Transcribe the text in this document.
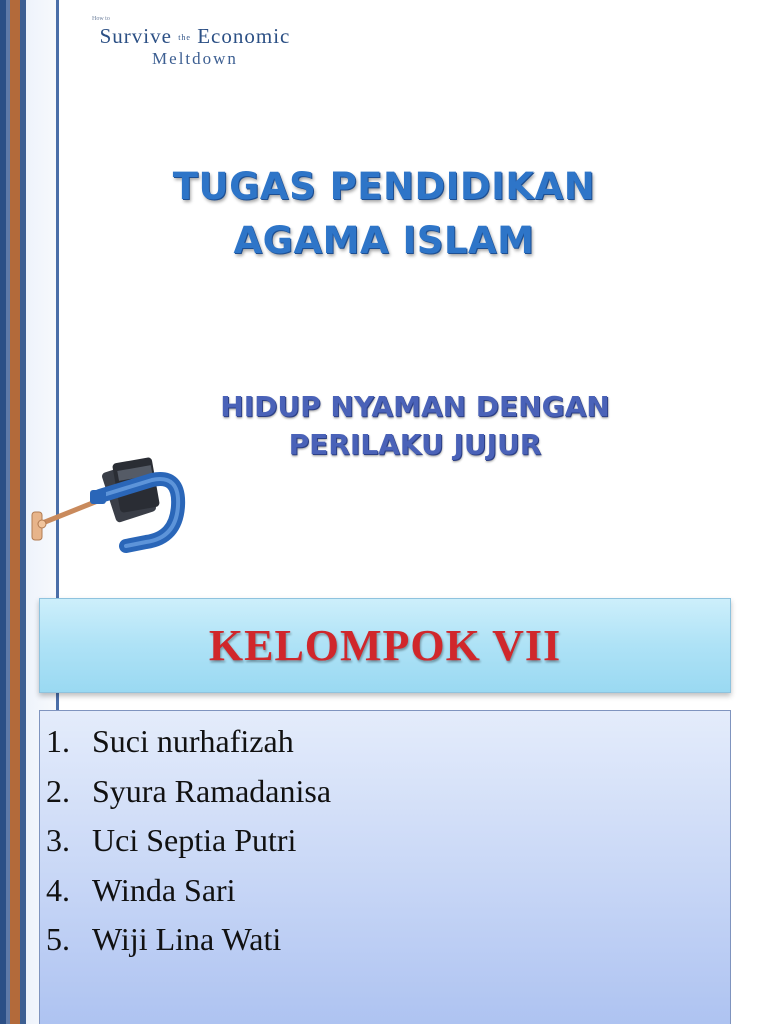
How to
Survive the Economic
Meltdown
TUGAS PENDIDIKAN
AGAMA ISLAM
HIDUP NYAMAN DENGAN
PERILAKU JUJUR
KELOMPOK VII
1. Suci nurhafizah
2. Syura Ramadanisa
3. Uci Septia Putri
4. Winda Sari
5. Wiji Lina Wati
